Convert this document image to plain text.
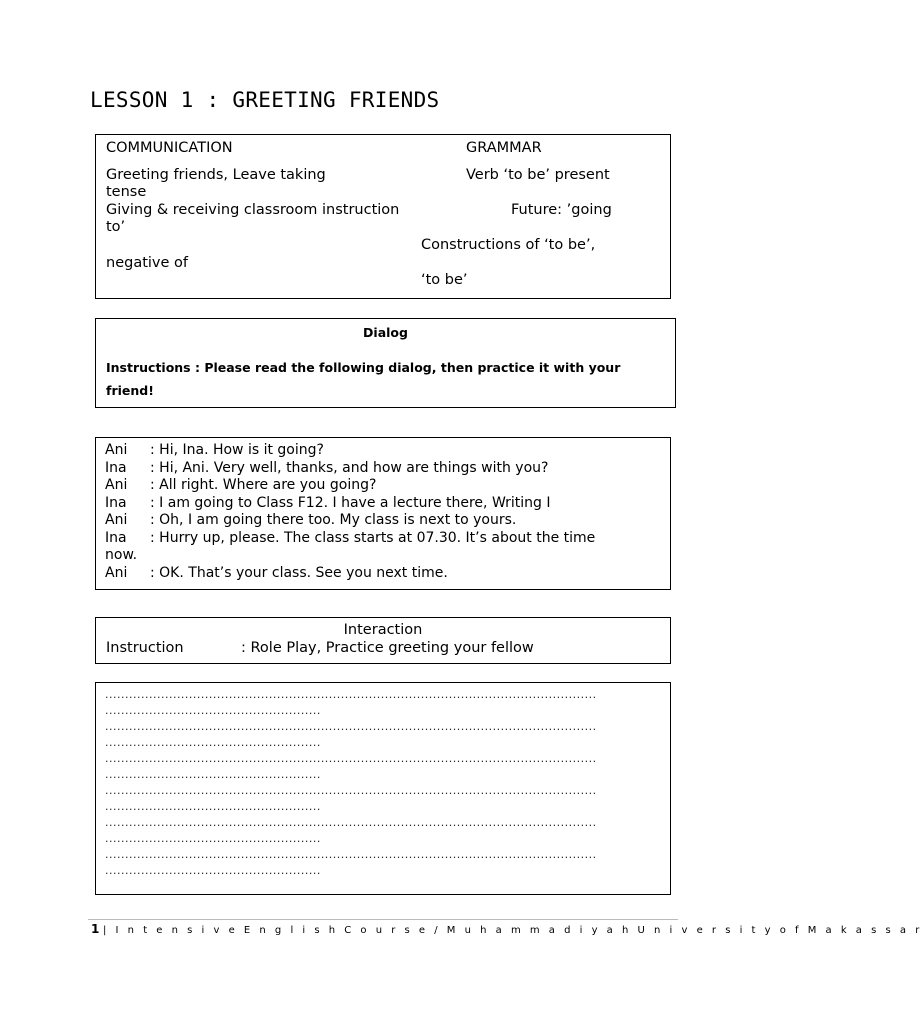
LESSON 1 : GREETING FRIENDS
COMMUNICATION	GRAMMAR
Greeting friends, Leave taking	Verb ‘to be’ present
tense
Giving & receiving classroom instruction	Future: ’going
to’
Constructions of ‘to be’,
negative of
‘to be’
Dialog
Instructions : Please read the following dialog, then practice it with your
friend!
Ani : Hi, Ina. How is it going?
Ina : Hi, Ani. Very well, thanks, and how are things with you?
Ani : All right. Where are you going?
Ina : I am going to Class F12. I have a lecture there, Writing I
Ani : Oh, I am going there too. My class is next to yours.
Ina : Hurry up, please. The class starts at 07.30. It’s about the time
now.
Ani : OK. That’s your class. See you next time.
Interaction
Instruction	: Role Play, Practice greeting your fellow
...........................................................................................................................
......................................................
...........................................................................................................................
......................................................
...........................................................................................................................
......................................................
...........................................................................................................................
......................................................
...........................................................................................................................
......................................................
...........................................................................................................................
......................................................
1 | I n t e n s i v e E n g l i s h C o u r s e / M u h a m m a d i y a h U n i v e r s i t y o f M a k a s s a r
